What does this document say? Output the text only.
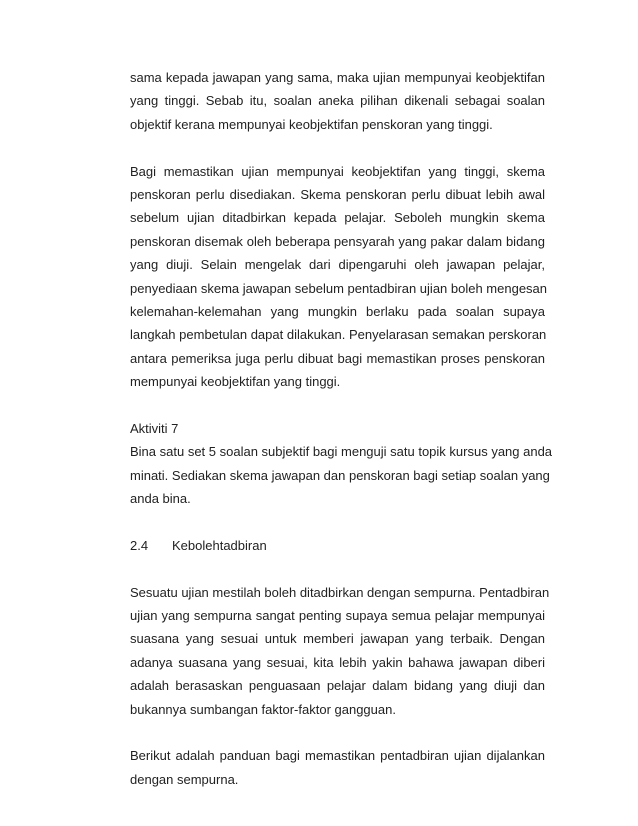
sama kepada jawapan yang sama, maka ujian mempunyai keobjektifan
yang tinggi. Sebab itu, soalan aneka pilihan dikenali sebagai soalan
objektif kerana mempunyai keobjektifan penskoran yang tinggi.
Bagi memastikan ujian mempunyai keobjektifan yang tinggi, skema
penskoran perlu disediakan. Skema penskoran perlu dibuat lebih awal
sebelum ujian ditadbirkan kepada pelajar. Seboleh mungkin skema
penskoran disemak oleh beberapa pensyarah yang pakar dalam bidang
yang diuji. Selain mengelak dari dipengaruhi oleh jawapan pelajar,
penyediaan skema jawapan sebelum pentadbiran ujian boleh mengesan
kelemahan-kelemahan yang mungkin berlaku pada soalan supaya
langkah pembetulan dapat dilakukan. Penyelarasan semakan perskoran
antara pemeriksa juga perlu dibuat bagi memastikan proses penskoran
mempunyai keobjektifan yang tinggi.
Aktiviti 7
Bina satu set 5 soalan subjektif bagi menguji satu topik kursus yang anda
minati. Sediakan skema jawapan dan penskoran bagi setiap soalan yang
anda bina.
2.4	Kebolehtadbiran
Sesuatu ujian mestilah boleh ditadbirkan dengan sempurna. Pentadbiran
ujian yang sempurna sangat penting supaya semua pelajar mempunyai
suasana yang sesuai untuk memberi jawapan yang terbaik. Dengan
adanya suasana yang sesuai, kita lebih yakin bahawa jawapan diberi
adalah berasaskan penguasaan pelajar dalam bidang yang diuji dan
bukannya sumbangan faktor-faktor gangguan.
Berikut adalah panduan bagi memastikan pentadbiran ujian dijalankan
dengan sempurna.
